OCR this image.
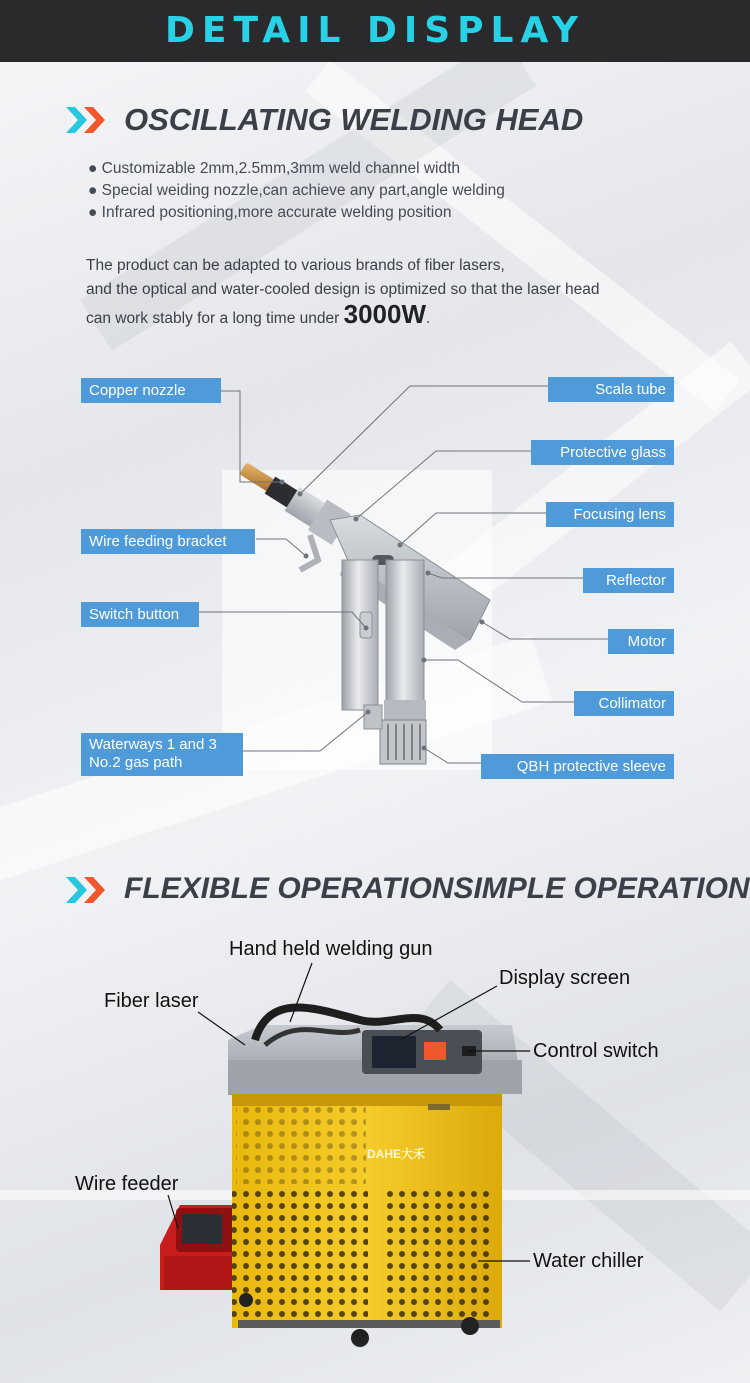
DETAIL DISPLAY
OSCILLATING WELDING HEAD
● Customizable 2mm,2.5mm,3mm weld channel width
● Special weiding nozzle,can achieve any part,angle welding
● Infrared positioning,more accurate welding position
The product can be adapted to various brands of fiber lasers,
and the optical and water-cooled design is optimized so that the laser head
can work stably for a long time under 3000W.
Copper nozzle
Wire feeding bracket
Switch button
Waterways 1 and 3
No.2 gas path
Scala tube
Protective glass
Focusing lens
Reflector
Motor
Collimator
QBH protective sleeve
FLEXIBLE OPERATIONSIMPLE OPERATION
DAHE大禾
Hand held welding gun
Fiber laser
Display screen
Control switch
Wire feeder
Water chiller
